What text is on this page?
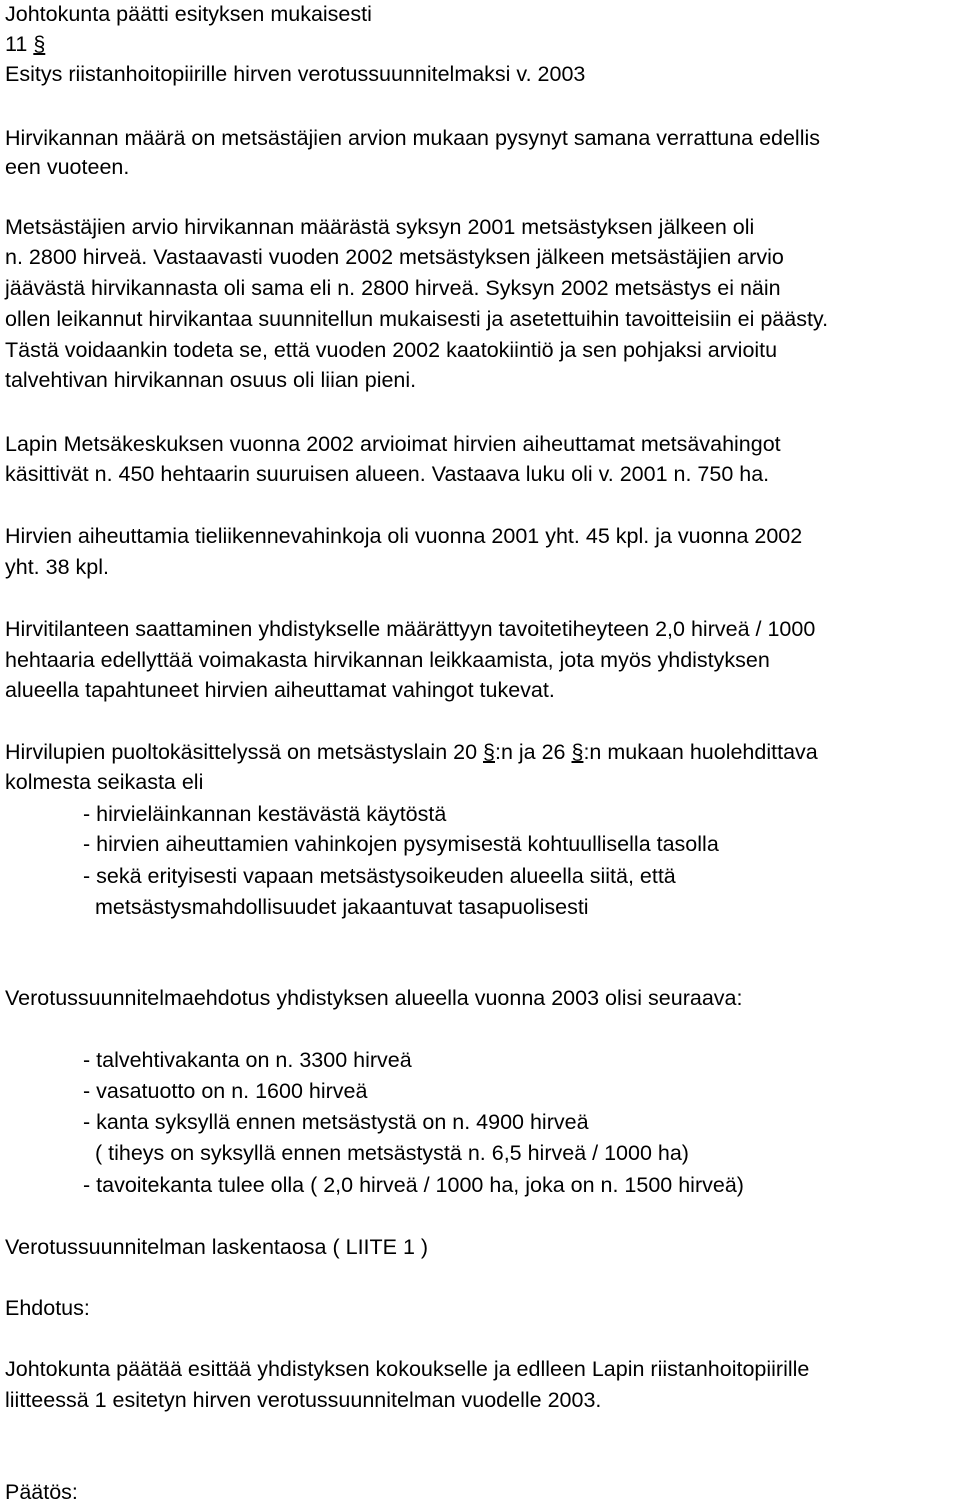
Johtokunta päätti esityksen mukaisesti
11 §
Esitys riistanhoitopiirille hirven verotussuunnitelmaksi v. 2003
Hirvikannan määrä on metsästäjien arvion mukaan pysynyt samana verrattuna edellis
een vuoteen.
Metsästäjien arvio hirvikannan määrästä syksyn 2001 metsästyksen jälkeen oli
n. 2800 hirveä. Vastaavasti vuoden 2002 metsästyksen jälkeen metsästäjien arvio
jäävästä hirvikannasta oli sama eli n. 2800 hirveä. Syksyn 2002 metsästys ei näin
ollen leikannut hirvikantaa suunnitellun mukaisesti ja asetettuihin tavoitteisiin ei päästy.
Tästä voidaankin todeta se, että vuoden 2002 kaatokiintiö ja sen pohjaksi arvioitu
talvehtivan hirvikannan osuus oli liian pieni.
Lapin Metsäkeskuksen vuonna 2002 arvioimat hirvien aiheuttamat metsävahingot
käsittivät n. 450 hehtaarin suuruisen alueen. Vastaava luku oli v. 2001 n. 750 ha.
Hirvien aiheuttamia tieliikennevahinkoja oli vuonna 2001 yht. 45 kpl. ja vuonna 2002
yht. 38 kpl.
Hirvitilanteen saattaminen yhdistykselle määrättyyn tavoitetiheyteen 2,0 hirveä / 1000
hehtaaria edellyttää voimakasta hirvikannan leikkaamista, jota myös yhdistyksen
alueella tapahtuneet hirvien aiheuttamat vahingot tukevat.
Hirvilupien puoltokäsittelyssä on metsästyslain 20 §:n ja 26 §:n mukaan huolehdittava
kolmesta seikasta eli
- hirvieläinkannan kestävästä käytöstä
- hirvien aiheuttamien vahinkojen pysymisestä kohtuullisella tasolla
- sekä erityisesti vapaan metsästysoikeuden alueella siitä, että
metsästysmahdollisuudet jakaantuvat tasapuolisesti
Verotussuunnitelmaehdotus yhdistyksen alueella vuonna 2003 olisi seuraava:
- talvehtivakanta on n. 3300 hirveä
- vasatuotto on n. 1600 hirveä
- kanta syksyllä ennen metsästystä on n. 4900 hirveä
( tiheys on syksyllä ennen metsästystä n. 6,5 hirveä / 1000 ha)
- tavoitekanta tulee olla ( 2,0 hirveä / 1000 ha, joka on n. 1500 hirveä)
Verotussuunnitelman laskentaosa ( LIITE 1 )
Ehdotus:
Johtokunta päätää esittää yhdistyksen kokoukselle ja edlleen Lapin riistanhoitopiirille
liitteessä 1 esitetyn hirven verotussuunnitelman vuodelle 2003.
Päätös:
